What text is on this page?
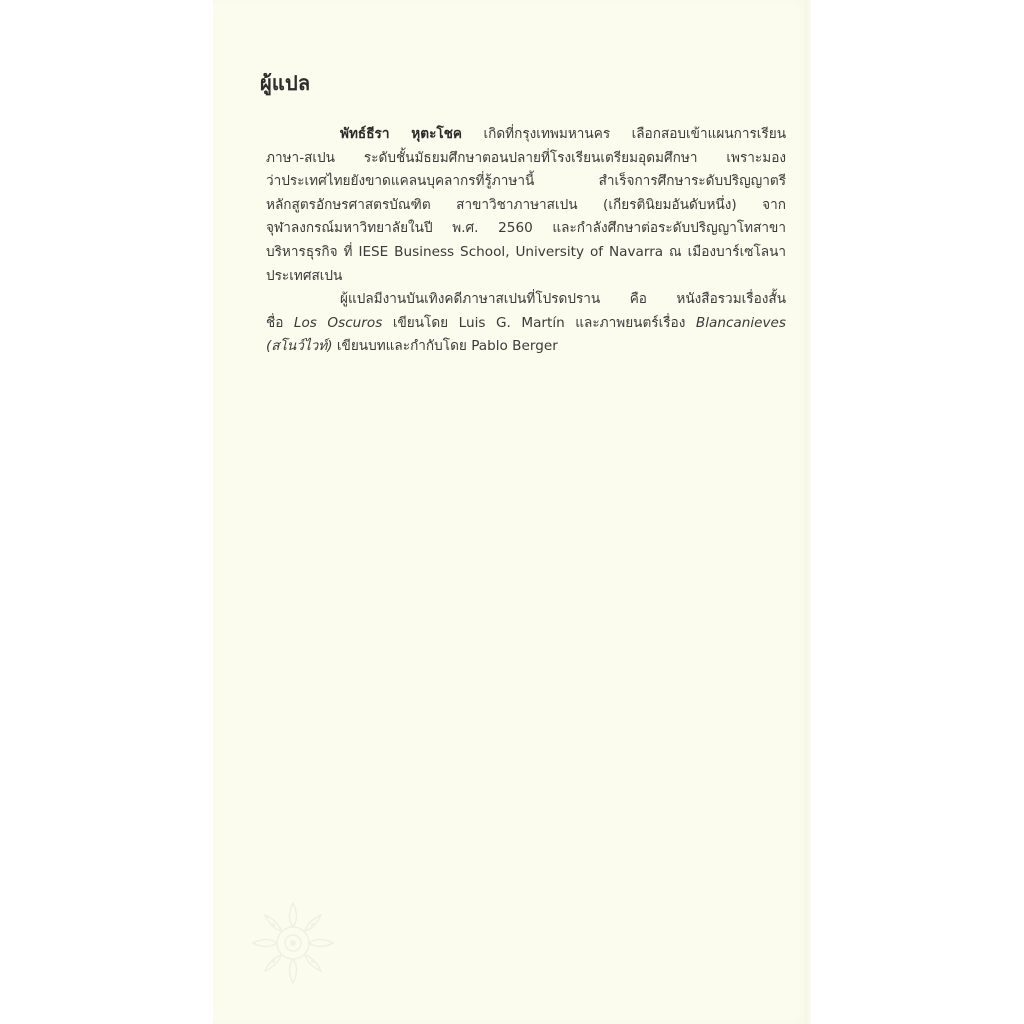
ผู้แปล
พัทธ์ธีรา หุตะโชค เกิดที่กรุงเทพมหานคร เลือกสอบเข้าแผนการเรียน
ภาษา-สเปน ระดับชั้นมัธยมศึกษาตอนปลายที่โรงเรียนเตรียมอุดมศึกษา เพราะมอง
ว่าประเทศไทยยังขาดแคลนบุคลากรที่รู้ภาษานี้ สำเร็จการศึกษาระดับปริญญาตรี
หลักสูตรอักษรศาสตรบัณฑิต สาขาวิชาภาษาสเปน (เกียรตินิยมอันดับหนึ่ง) จาก
จุฬาลงกรณ์มหาวิทยาลัยในปี พ.ศ. 2560 และกำลังศึกษาต่อระดับปริญญาโทสาขา
บริหารธุรกิจ ที่ IESE Business School, University of Navarra ณ เมืองบาร์เซโลนา
ประเทศสเปน
ผู้แปลมีงานบันเทิงคดีภาษาสเปนที่โปรดปราน คือ หนังสือรวมเรื่องสั้น
ชื่อ Los Oscuros เขียนโดย Luis G. Martín และภาพยนตร์เรื่อง Blancanieves
(สโนว์ไวท์) เขียนบทและกำกับโดย Pablo Berger
